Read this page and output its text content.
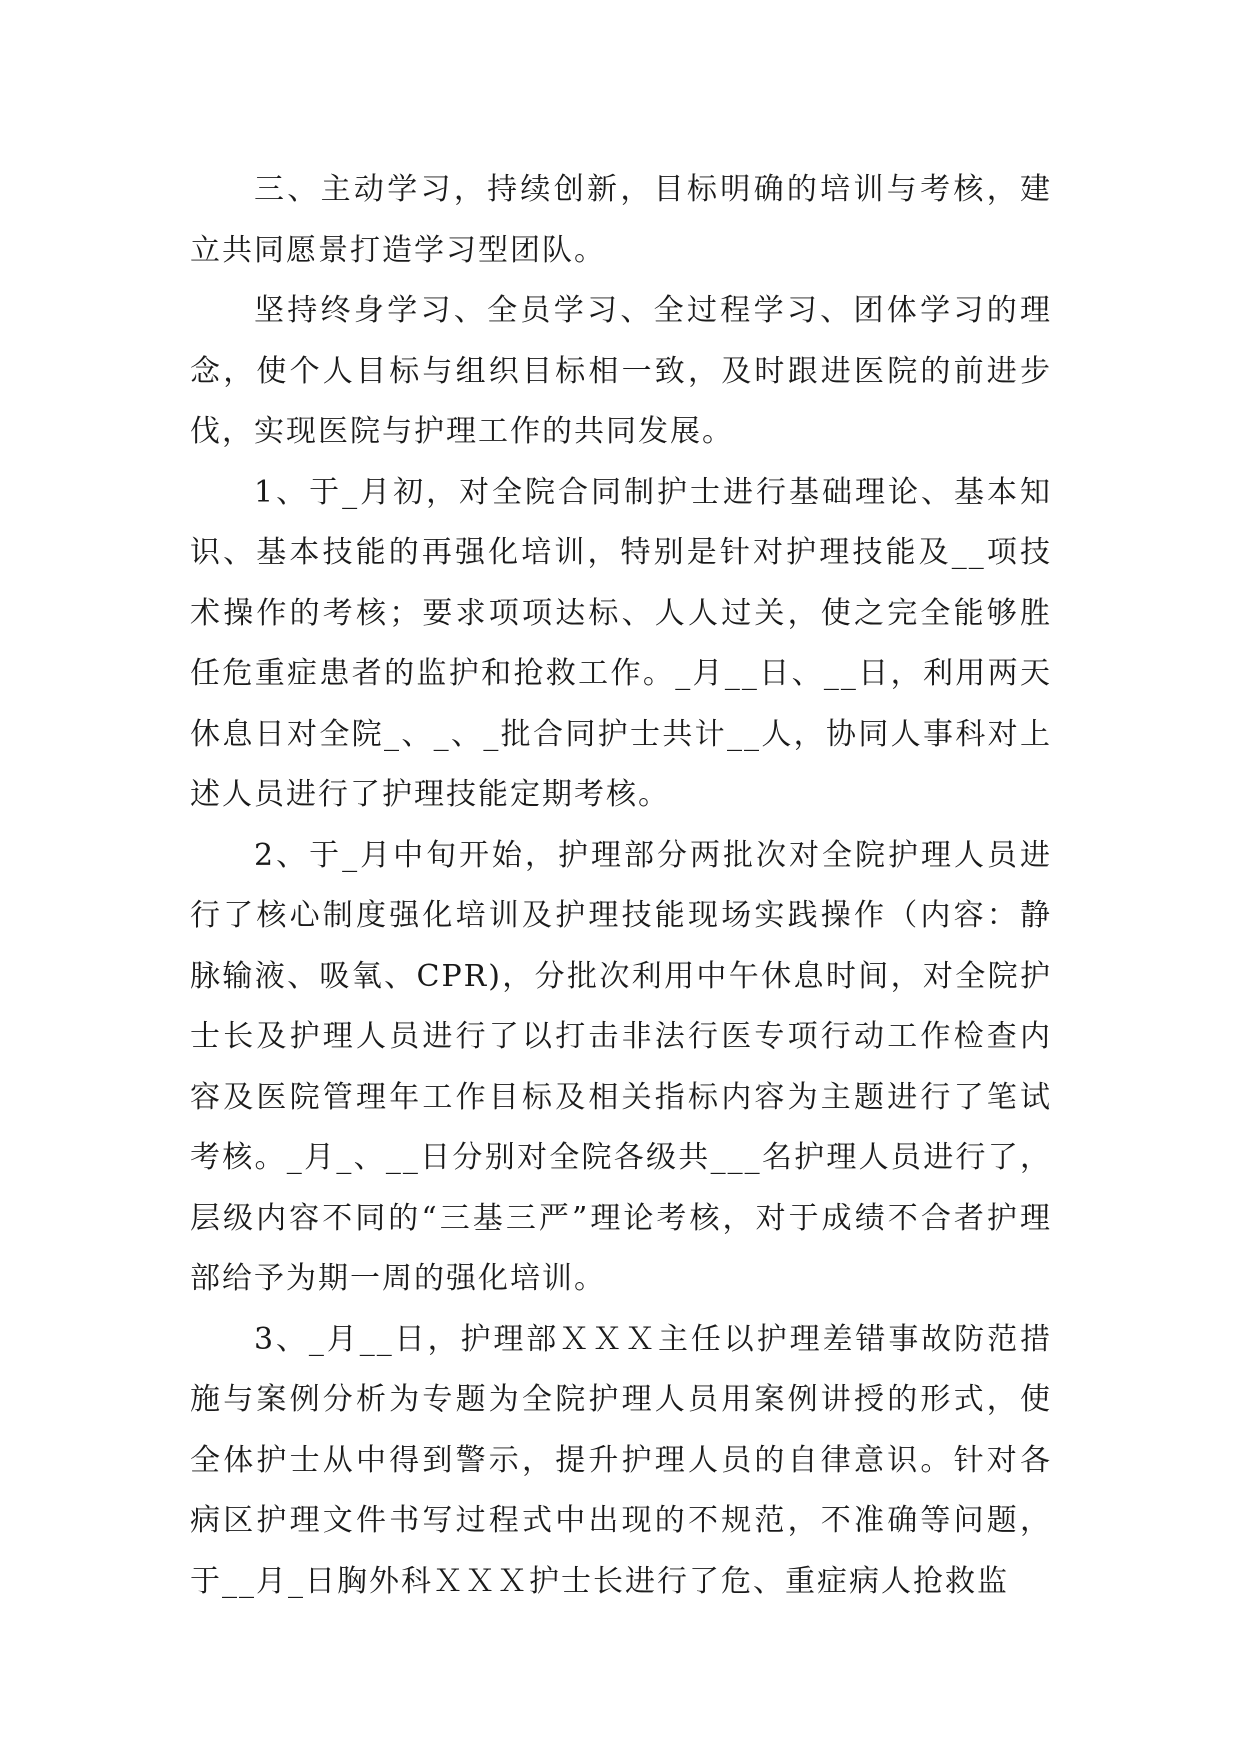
三、主动学习，持续创新，目标明确的培训与考核，建立共同愿景打造学习型团队。

坚持终身学习、全员学习、全过程学习、团体学习的理念，使个人目标与组织目标相一致，及时跟进医院的前进步伐，实现医院与护理工作的共同发展。

1、于_月初，对全院合同制护士进行基础理论、基本知识、基本技能的再强化培训，特别是针对护理技能及__项技术操作的考核；要求项项达标、人人过关，使之完全能够胜任危重症患者的监护和抢救工作。_月__日、__日，利用两天休息日对全院_、_、_批合同护士共计__人，协同人事科对上述人员进行了护理技能定期考核。

2、于_月中旬开始，护理部分两批次对全院护理人员进行了核心制度强化培训及护理技能现场实践操作（内容：静脉输液、吸氧、CPR)，分批次利用中午休息时间，对全院护士长及护理人员进行了以打击非法行医专项行动工作检查内容及医院管理年工作目标及相关指标内容为主题进行了笔试考核。_月_、__日分别对全院各级共___名护理人员进行了，层级内容不同的“三基三严”理论考核，对于成绩不合者护理部给予为期一周的强化培训。

3、_月__日，护理部ＸＸＸ主任以护理差错事故防范措施与案例分析为专题为全院护理人员用案例讲授的形式，使全体护士从中得到警示，提升护理人员的自律意识。针对各病区护理文件书写过程式中出现的不规范，不准确等问题，于__月_日胸外科ＸＸＸ护士长进行了危、重症病人抢救监
